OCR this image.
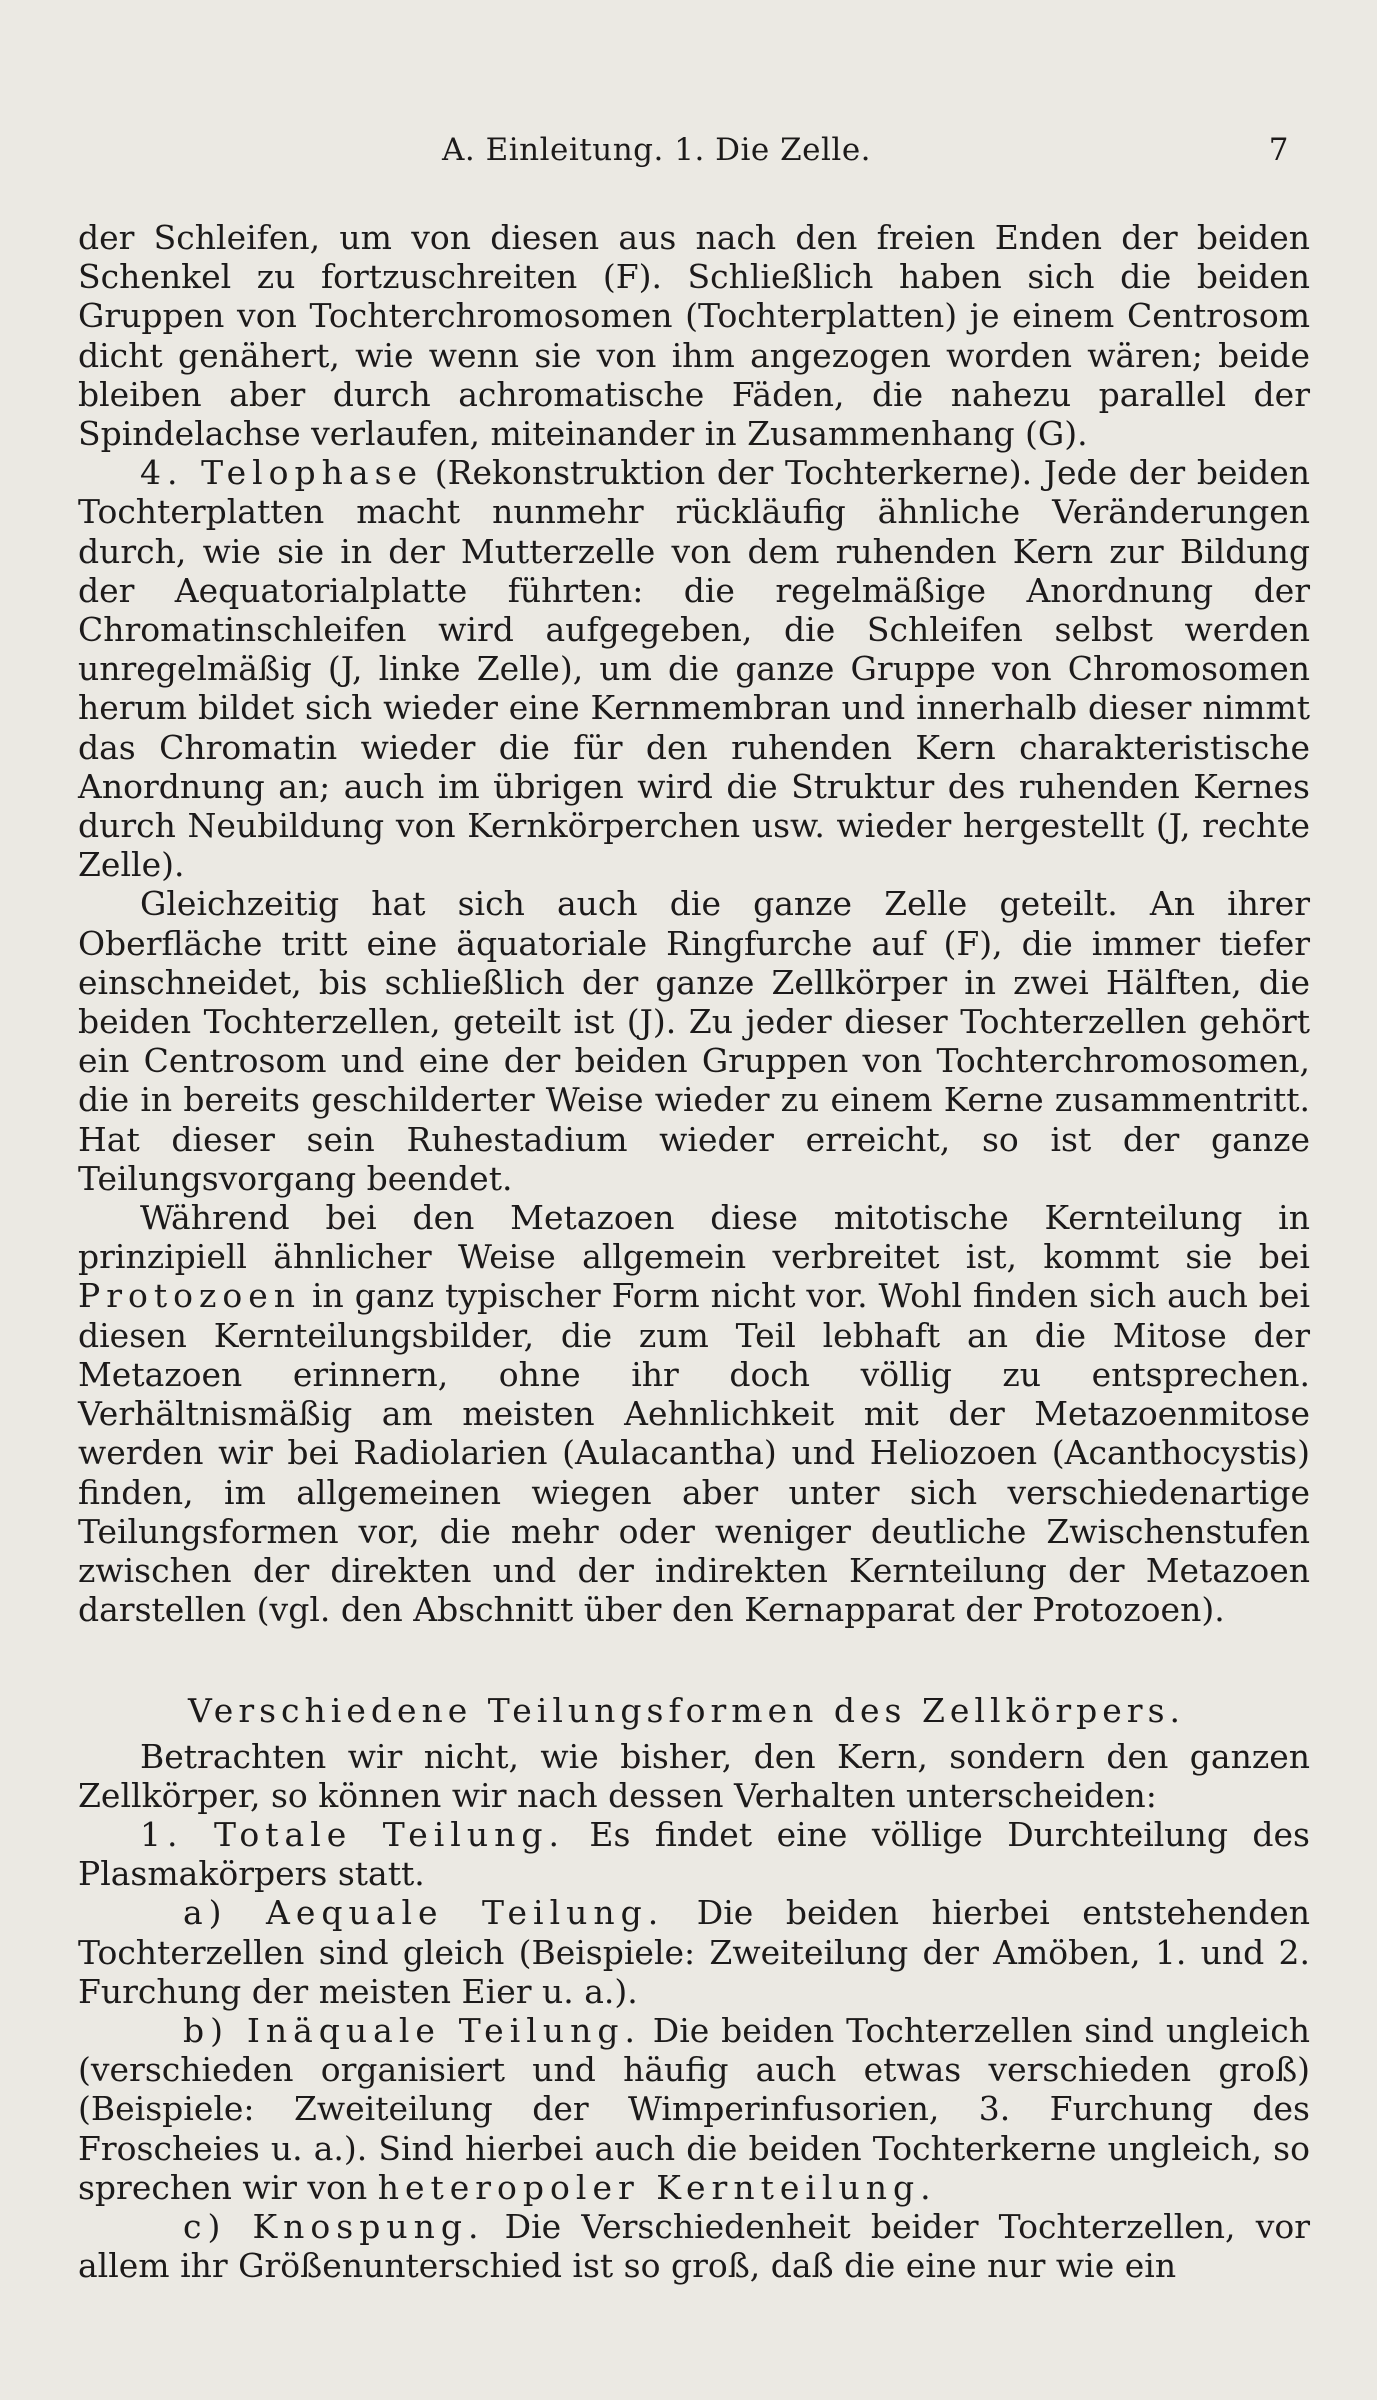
A. Einleitung. 1. Die Zelle.	7

der Schleifen, um von diesen aus nach den freien Enden der beiden Schenkel zu fortzuschreiten (F). Schließlich haben sich die beiden Gruppen von Tochterchromosomen (Tochterplatten) je einem Centrosom dicht genähert, wie wenn sie von ihm angezogen worden wären; beide bleiben aber durch achromatische Fäden, die nahezu parallel der Spindelachse verlaufen, miteinander in Zusammenhang (G).

4. Telophase (Rekonstruktion der Tochterkerne). Jede der beiden Tochterplatten macht nunmehr rückläufig ähnliche Veränderungen durch, wie sie in der Mutterzelle von dem ruhenden Kern zur Bildung der Aequatorialplatte führten: die regelmäßige Anordnung der Chromatinschleifen wird aufgegeben, die Schleifen selbst werden unregelmäßig (J, linke Zelle), um die ganze Gruppe von Chromosomen herum bildet sich wieder eine Kernmembran und innerhalb dieser nimmt das Chromatin wieder die für den ruhenden Kern charakteristische Anordnung an; auch im übrigen wird die Struktur des ruhenden Kernes durch Neubildung von Kernkörperchen usw. wieder hergestellt (J, rechte Zelle).

Gleichzeitig hat sich auch die ganze Zelle geteilt. An ihrer Oberfläche tritt eine äquatoriale Ringfurche auf (F), die immer tiefer einschneidet, bis schließlich der ganze Zellkörper in zwei Hälften, die beiden Tochterzellen, geteilt ist (J). Zu jeder dieser Tochterzellen gehört ein Centrosom und eine der beiden Gruppen von Tochterchromosomen, die in bereits geschilderter Weise wieder zu einem Kerne zusammentritt. Hat dieser sein Ruhestadium wieder erreicht, so ist der ganze Teilungsvorgang beendet.

Während bei den Metazoen diese mitotische Kernteilung in prinzipiell ähnlicher Weise allgemein verbreitet ist, kommt sie bei Protozoen in ganz typischer Form nicht vor. Wohl finden sich auch bei diesen Kernteilungsbilder, die zum Teil lebhaft an die Mitose der Metazoen erinnern, ohne ihr doch völlig zu entsprechen. Verhältnismäßig am meisten Aehnlichkeit mit der Metazoenmitose werden wir bei Radiolarien (Aulacantha) und Heliozoen (Acanthocystis) finden, im allgemeinen wiegen aber unter sich verschiedenartige Teilungsformen vor, die mehr oder weniger deutliche Zwischenstufen zwischen der direkten und der indirekten Kernteilung der Metazoen darstellen (vgl. den Abschnitt über den Kernapparat der Protozoen).

Verschiedene Teilungsformen des Zellkörpers.

Betrachten wir nicht, wie bisher, den Kern, sondern den ganzen Zellkörper, so können wir nach dessen Verhalten unterscheiden:

1. Totale Teilung. Es findet eine völlige Durchteilung des Plasmakörpers statt.

a) Aequale Teilung. Die beiden hierbei entstehenden Tochterzellen sind gleich (Beispiele: Zweiteilung der Amöben, 1. und 2. Furchung der meisten Eier u. a.).

b) Inäquale Teilung. Die beiden Tochterzellen sind ungleich (verschieden organisiert und häufig auch etwas verschieden groß) (Beispiele: Zweiteilung der Wimperinfusorien, 3. Furchung des Froscheies u. a.). Sind hierbei auch die beiden Tochterkerne ungleich, so sprechen wir von heteropoler Kernteilung.

c) Knospung. Die Verschiedenheit beider Tochterzellen, vor allem ihr Größenunterschied ist so groß, daß die eine nur wie ein
